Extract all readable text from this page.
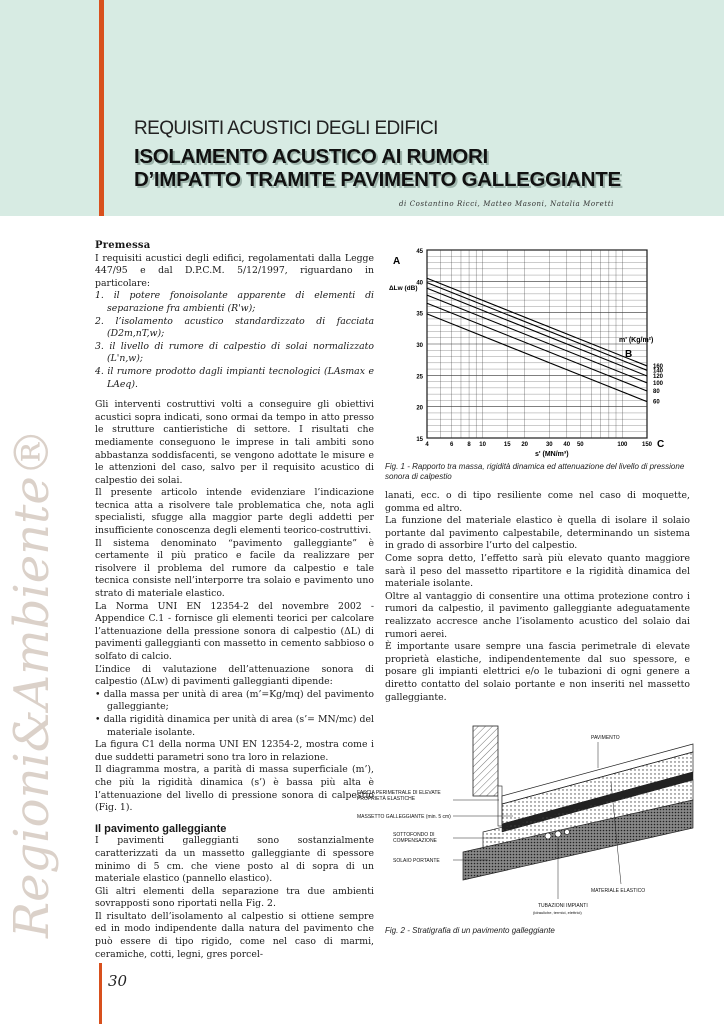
REQUISITI ACUSTICI DEGLI EDIFICI
ISOLAMENTO ACUSTICO AI RUMORI
D’IMPATTO TRAMITE PAVIMENTO GALLEGGIANTE
di Costantino Ricci, Matteo Masoni, Natalia Moretti
Regioni&Ambiente®

Premessa

I requisiti acustici degli edifici, regolamentati dalla Legge 447/95 e dal D.P.C.M. 5/12/1997, riguardano in particolare:

1. il potere fonoisolante apparente di elementi di separazione fra ambienti (R'w);

2. l’isolamento acustico standardizzato di facciata (D2m,nT,w);

3. il livello di rumore di calpestio di solai normalizzato (L'n,w);

4. il rumore prodotto dagli impianti tecnologici (LAsmax e LAeq).

Gli interventi costruttivi volti a conseguire gli obiettivi acustici sopra indicati, sono ormai da tempo in atto presso le strutture cantieristiche di settore. I risultati che mediamente conseguono le imprese in tali ambiti sono abbastanza soddisfacenti, se vengono adottate le misure e le attenzioni del caso, salvo per il requisito acustico di calpestio dei solai.

Il presente articolo intende evidenziare l’indicazione tecnica atta a risolvere tale problematica che, nota agli specialisti, sfugge alla maggior parte degli addetti per insufficiente conoscenza degli elementi teorico-costruttivi.

Il sistema denominato “pavimento galleggiante” è certamente il più pratico e facile da realizzare per risolvere il problema del rumore da calpestio e tale tecnica consiste nell’interporre tra solaio e pavimento uno strato di materiale elastico.

La Norma UNI EN 12354-2 del novembre 2002 - Appendice C.1 - fornisce gli elementi teorici per calcolare l’attenuazione della pressione sonora di calpestio (ΔL) di pavimenti galleggianti con massetto in cemento sabbioso o solfato di calcio.

L’indice di valutazione dell’attenuazione sonora di calpestio (ΔLw) di pavimenti galleggianti dipende:

• dalla massa per unità di area (m’=Kg/mq) del pavimento galleggiante;

• dalla rigidità dinamica per unità di area (s’= MN/mc) del materiale isolante.

La figura C1 della norma UNI EN 12354-2, mostra come i due suddetti parametri sono tra loro in relazione.

Il diagramma mostra, a parità di massa superficiale (m’), che più la rigidità dinamica (s’) è bassa più alta è l’attenuazione del livello di pressione sonora di calpestio (Fig. 1).

Il pavimento galleggiante

I pavimenti galleggianti sono sostanzialmente caratterizzati da un massetto galleggiante di spessore minimo di 5 cm. che viene posto al di sopra di un materiale elastico (pannello elastico).

Gli altri elementi della separazione tra due ambienti sovrapposti sono riportati nella Fig. 2.

Il risultato dell’isolamento al calpestio si ottiene sempre ed in modo indipendente dalla natura del pavimento che può essere di tipo rigido, come nel caso di marmi, ceramiche, cotti, legni, gres porcel-

45
40
35
30
25
20
15
4	6 8 10	15 20	30 40 50	100 150
160
140
120
100
80
60
A
B
C
ΔLw (dB)
s' (MN/m³)
m' (Kg/m²)
Fig. 1 - Rapporto tra massa, rigidità dinamica ed attenuazione del livello di pressione sonora di calpestio

lanati, ecc. o di tipo resiliente come nel caso di moquette, gomma ed altro.

La funzione del materiale elastico è quella di isolare il solaio portante dal pavimento calpestabile, determinando un sistema in grado di assorbire l’urto del calpestio.

Come sopra detto, l’effetto sarà più elevato quanto maggiore sarà il peso del massetto ripartitore e la rigidità dinamica del materiale isolante.

Oltre al vantaggio di consentire una ottima protezione contro i rumori da calpestio, il pavimento galleggiante adeguatamente realizzato accresce anche l’isolamento acustico del solaio dai rumori aerei.

È importante usare sempre una fascia perimetrale di elevate proprietà elastiche, indipendentemente dal suo spessore, e posare gli impianti elettrici e/o le tubazioni di ogni genere a diretto contatto del solaio portante e non inseriti nel massetto galleggiante.

PAVIMENTO
FASCIA PERIMETRALE DI ELEVATE
PROPRIETÀ ELASTICHE
MASSETTO GALLEGGIANTE (min. 5 cm)
SOTTOFONDO DI
COMPENSAZIONE
SOLAIO PORTANTE
MATERIALE ELASTICO
TUBAZIONI IMPIANTI
(idrauliche, termici, elettrici)
Fig. 2 - Stratigrafia di un pavimento galleggiante
30
